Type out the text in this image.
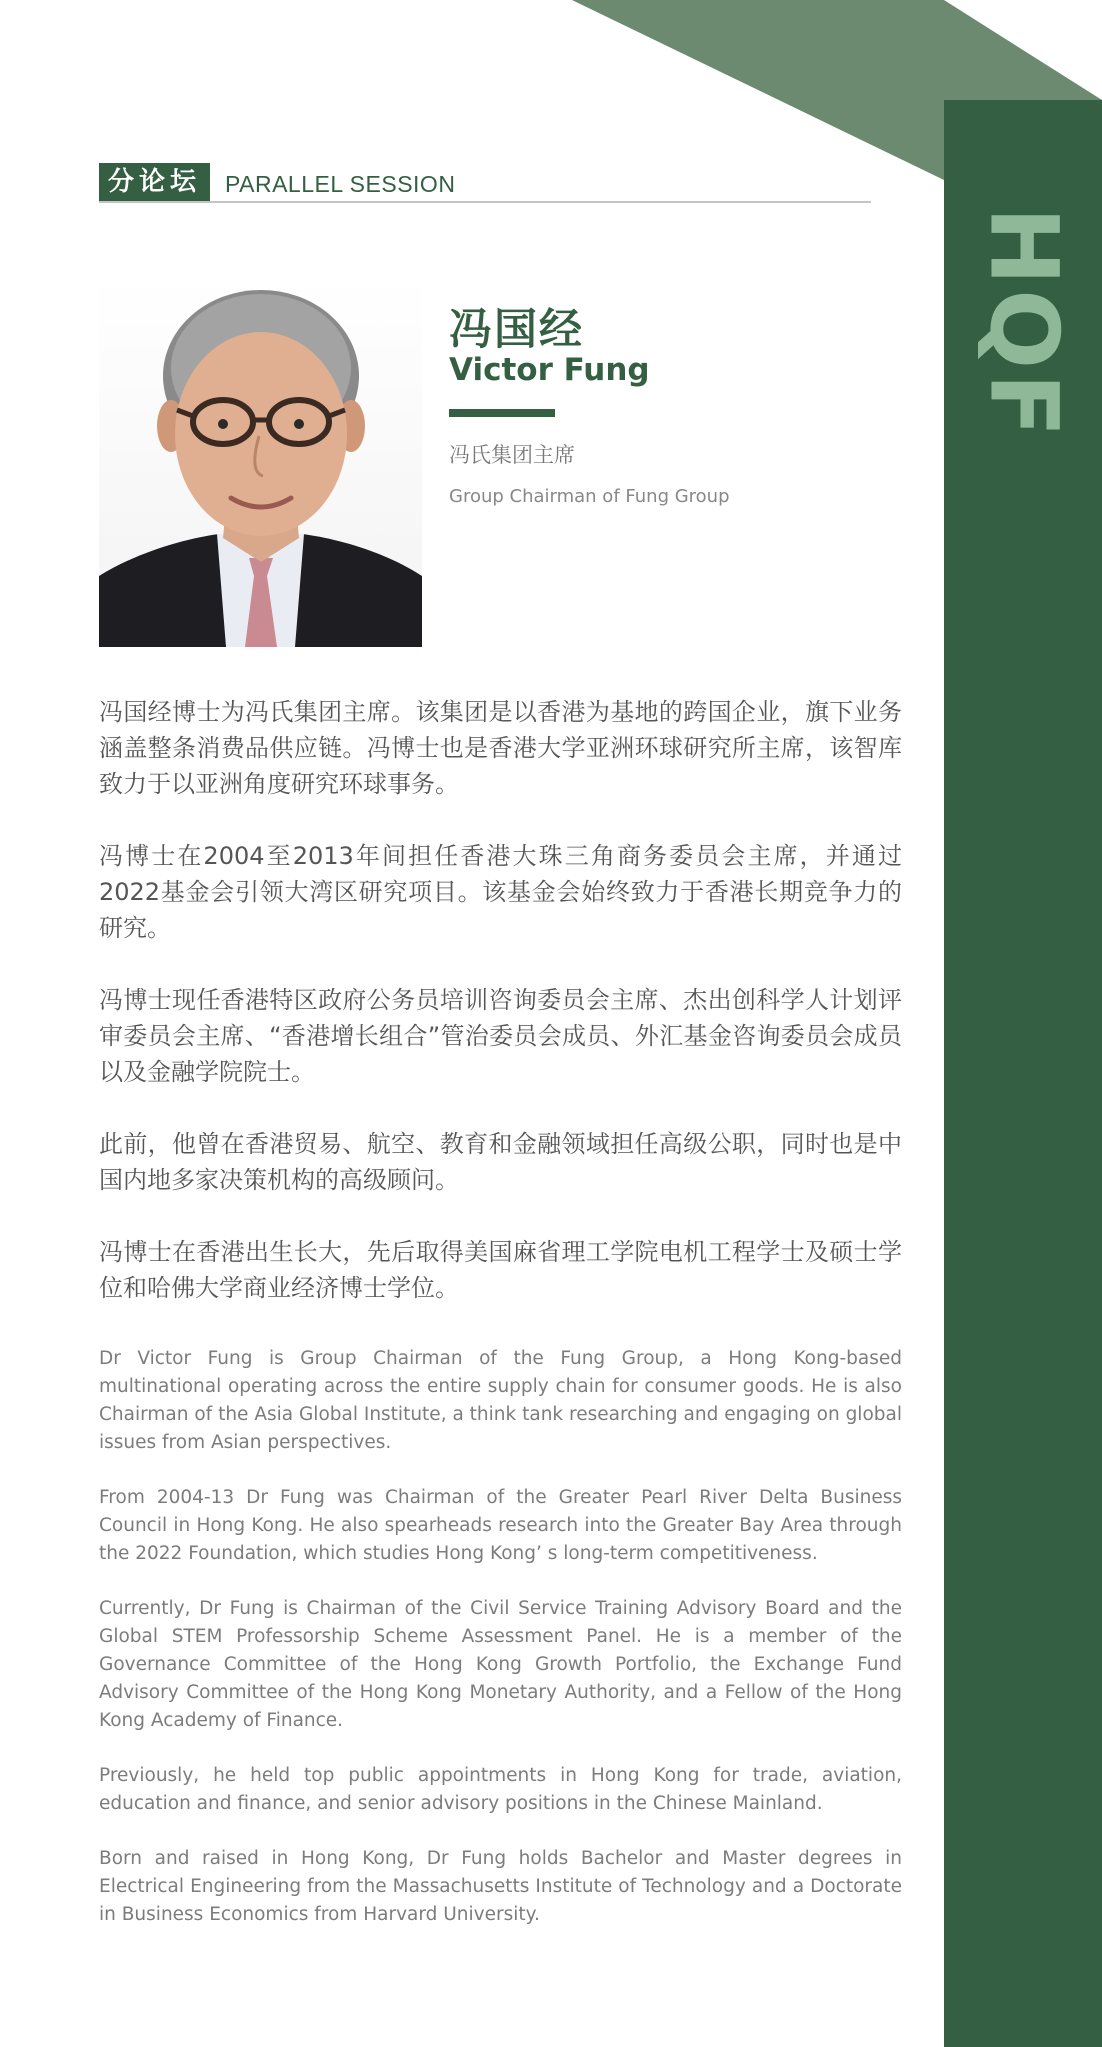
HQF
分论坛	PARALLEL SESSION
冯国经
Victor Fung
冯氏集团主席
Group Chairman of Fung Group

冯国经博士为冯氏集团主席。该集团是以香港为基地的跨国企业，旗下业务涵盖整条消费品供应链。冯博士也是香港大学亚洲环球研究所主席，该智库致力于以亚洲角度研究环球事务。

冯博士在2004至2013年间担任香港大珠三角商务委员会主席，并通过2022基金会引领大湾区研究项目。该基金会始终致力于香港长期竞争力的研究。

冯博士现任香港特区政府公务员培训咨询委员会主席、杰出创科学人计划评审委员会主席、“香港增长组合”管治委员会成员、外汇基金咨询委员会成员以及金融学院院士。

此前，他曾在香港贸易、航空、教育和金融领域担任高级公职，同时也是中国内地多家决策机构的高级顾问。

冯博士在香港出生长大，先后取得美国麻省理工学院电机工程学士及硕士学位和哈佛大学商业经济博士学位。

Dr Victor Fung is Group Chairman of the Fung Group, a Hong Kong-based multinational operating across the entire supply chain for consumer goods. He is also Chairman of the Asia Global Institute, a think tank researching and engaging on global issues from Asian perspectives.

From 2004-13 Dr Fung was Chairman of the Greater Pearl River Delta Business Council in Hong Kong. He also spearheads research into the Greater Bay Area through the 2022 Foundation, which studies Hong Kong’ s long-term competitiveness.

Currently, Dr Fung is Chairman of the Civil Service Training Advisory Board and the Global STEM Professorship Scheme Assessment Panel. He is a member of the Governance Committee of the Hong Kong Growth Portfolio, the Exchange Fund Advisory Committee of the Hong Kong Monetary Authority, and a Fellow of the Hong Kong Academy of Finance.

Previously, he held top public appointments in Hong Kong for trade, aviation, education and finance, and senior advisory positions in the Chinese Mainland.

Born and raised in Hong Kong, Dr Fung holds Bachelor and Master degrees in Electrical Engineering from the Massachusetts Institute of Technology and a Doctorate in Business Economics from Harvard University.
